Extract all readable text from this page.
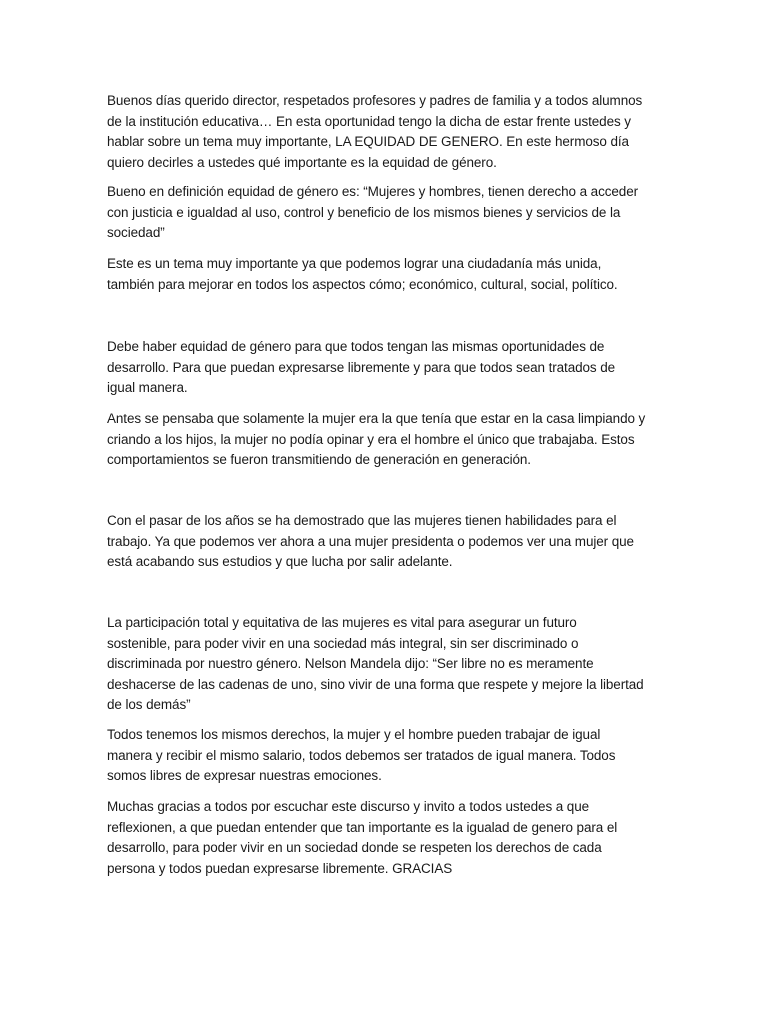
Buenos días querido director, respetados profesores y padres de familia y a todos alumnos
de la institución educativa… En esta oportunidad tengo la dicha de estar frente ustedes y
hablar sobre un tema muy importante, LA EQUIDAD DE GENERO. En este hermoso día
quiero decirles a ustedes qué importante es la equidad de género.

Bueno en definición equidad de género es: “Mujeres y hombres, tienen derecho a acceder
con justicia e igualdad al uso, control y beneficio de los mismos bienes y servicios de la
sociedad”

Este es un tema muy importante ya que podemos lograr una ciudadanía más unida,
también para mejorar en todos los aspectos cómo; económico, cultural, social, político.

Debe haber equidad de género para que todos tengan las mismas oportunidades de
desarrollo. Para que puedan expresarse libremente y para que todos sean tratados de
igual manera.

Antes se pensaba que solamente la mujer era la que tenía que estar en la casa limpiando y
criando a los hijos, la mujer no podía opinar y era el hombre el único que trabajaba. Estos
comportamientos se fueron transmitiendo de generación en generación.

Con el pasar de los años se ha demostrado que las mujeres tienen habilidades para el
trabajo. Ya que podemos ver ahora a una mujer presidenta o podemos ver una mujer que
está acabando sus estudios y que lucha por salir adelante.

La participación total y equitativa de las mujeres es vital para asegurar un futuro
sostenible, para poder vivir en una sociedad más integral, sin ser discriminado o
discriminada por nuestro género. Nelson Mandela dijo: “Ser libre no es meramente
deshacerse de las cadenas de uno, sino vivir de una forma que respete y mejore la libertad
de los demás”

Todos tenemos los mismos derechos, la mujer y el hombre pueden trabajar de igual
manera y recibir el mismo salario, todos debemos ser tratados de igual manera. Todos
somos libres de expresar nuestras emociones.

Muchas gracias a todos por escuchar este discurso y invito a todos ustedes a que
reflexionen, a que puedan entender que tan importante es la igualad de genero para el
desarrollo, para poder vivir en un sociedad donde se respeten los derechos de cada
persona y todos puedan expresarse libremente. GRACIAS
